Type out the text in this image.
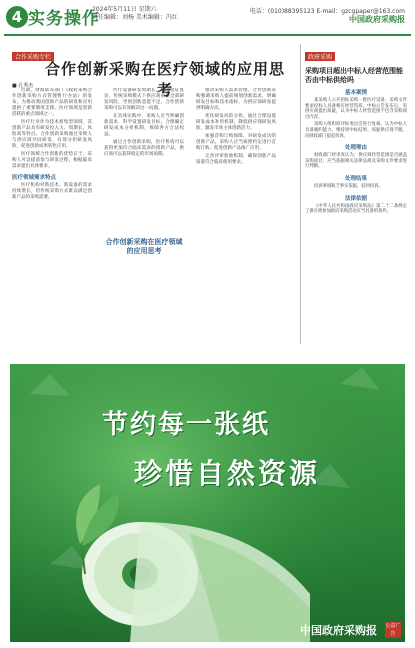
4 实务操作
2024年5月11日 星期六
责任编辑：刘杨 美术编辑：冯红
电话：(010)88395123 E-mail：gzcgpaper@163.com
中国政府采购报
合作采购专栏
合作创新采购在医疗领域的应用思考
■ 孔秀杰

近期，财政部等部门《政府采购合作创新采购方式管理暂行办法》的发布，为推动我国创新产品的研发和应用提供了重要制度支撑。医疗领域是创新活跃的重点领域之一。

医疗行业作为技术密集型领域，其创新产品具有研发投入大、周期长、风险高等特点。合作创新采购通过采购人与供应商共同研发，有效分担研发风险，促进创新成果转化应用。

医疗领域合作创新的优势在于，采购人可以提前参与研发过程，根据临床需求提出具体要求。

医疗领域需求特点

医疗机构对新技术、新设备的需求持续增长，但传统采购方式难以满足创新产品的采购需要。

医疗设备研发周期长，临床验证复杂，传统采购模式下供应商承担全部研发风险，导致创新意愿不足。合作创新采购可以有效解决这一问题。

在具体实践中，采购人应当明确创新需求，科学设置研发目标，合理确定研发成本分担机制，保障各方合法权益。

通过合作创新采购，医疗机构可以获得更加符合临床需求的创新产品，供应商可以获得稳定的市场预期。

合作创新采购在医疗领域的应用思考

推动采购人需求管理。合作创新采购强调采购人提前规划创新需求，明确研发目标和技术指标，为供应商研发提供明确方向。

优化研发风险分担。通过合理设置研发成本补偿机制，降低供应商研发风险，激发市场主体创新活力。

加强首购订购保障。对研发成功的创新产品，采购人应当按照约定进行首购订购，促进创新产品推广应用。

完善评审验收机制，确保创新产品质量符合临床使用要求。

政府采购
采购项目超出中标人经营范围能否由中标供给吗

基本案情

某采购人公开招标采购一批医疗设备，采购文件要求投标人具备相应经营资质。中标公告发布后，有供应商提出质疑，认为中标人经营范围不包含采购项目内容。

采购人组织原评标委员会进行复核，认为中标人具备履约能力，维持原中标结果。质疑供应商不服，向财政部门提起投诉。

处理理由

财政部门经审查认为，供应商经营范围是否涵盖采购项目，应当依据相关法律法规及采购文件要求进行判断。

处理结果

投诉事项缺乏事实依据，驳回投诉。

法律依据

《中华人民共和国政府采购法》第二十二条规定了供应商参加政府采购活动应当具备的条件。

节约每一张纸
珍惜自然资源
中国政府采购报 公益广告
